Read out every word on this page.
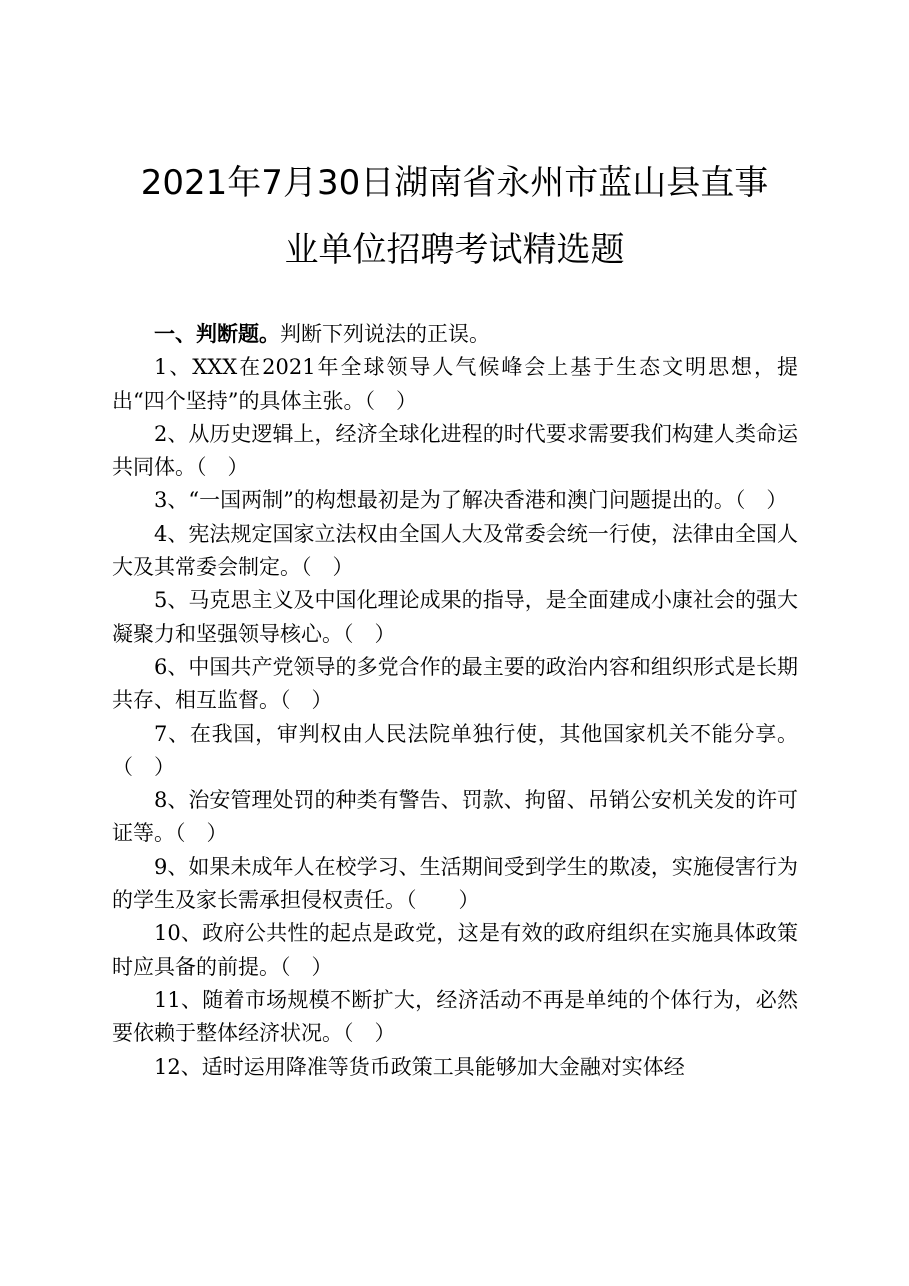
2021年7月30日湖南省永州市蓝山县直事
业单位招聘考试精选题

一、判断题。判断下列说法的正误。

1、XXX在2021年全球领导人气候峰会上基于生态文明思想，提出“四个坚持”的具体主张。（　）

2、从历史逻辑上，经济全球化进程的时代要求需要我们构建人类命运共同体。（　）

3、“一国两制”的构想最初是为了解决香港和澳门问题提出的。（　）

4、宪法规定国家立法权由全国人大及常委会统一行使，法律由全国人大及其常委会制定。（　）

5、马克思主义及中国化理论成果的指导，是全面建成小康社会的强大凝聚力和坚强领导核心。（　）

6、中国共产党领导的多党合作的最主要的政治内容和组织形式是长期共存、相互监督。（　）

7、在我国，审判权由人民法院单独行使，其他国家机关不能分享。（　）

8、治安管理处罚的种类有警告、罚款、拘留、吊销公安机关发的许可证等。（　）

9、如果未成年人在校学习、生活期间受到学生的欺凌，实施侵害行为的学生及家长需承担侵权责任。（　　）

10、政府公共性的起点是政党，这是有效的政府组织在实施具体政策时应具备的前提。（　）

11、随着市场规模不断扩大，经济活动不再是单纯的个体行为，必然要依赖于整体经济状况。（　）

12、适时运用降准等货币政策工具能够加大金融对实体经
